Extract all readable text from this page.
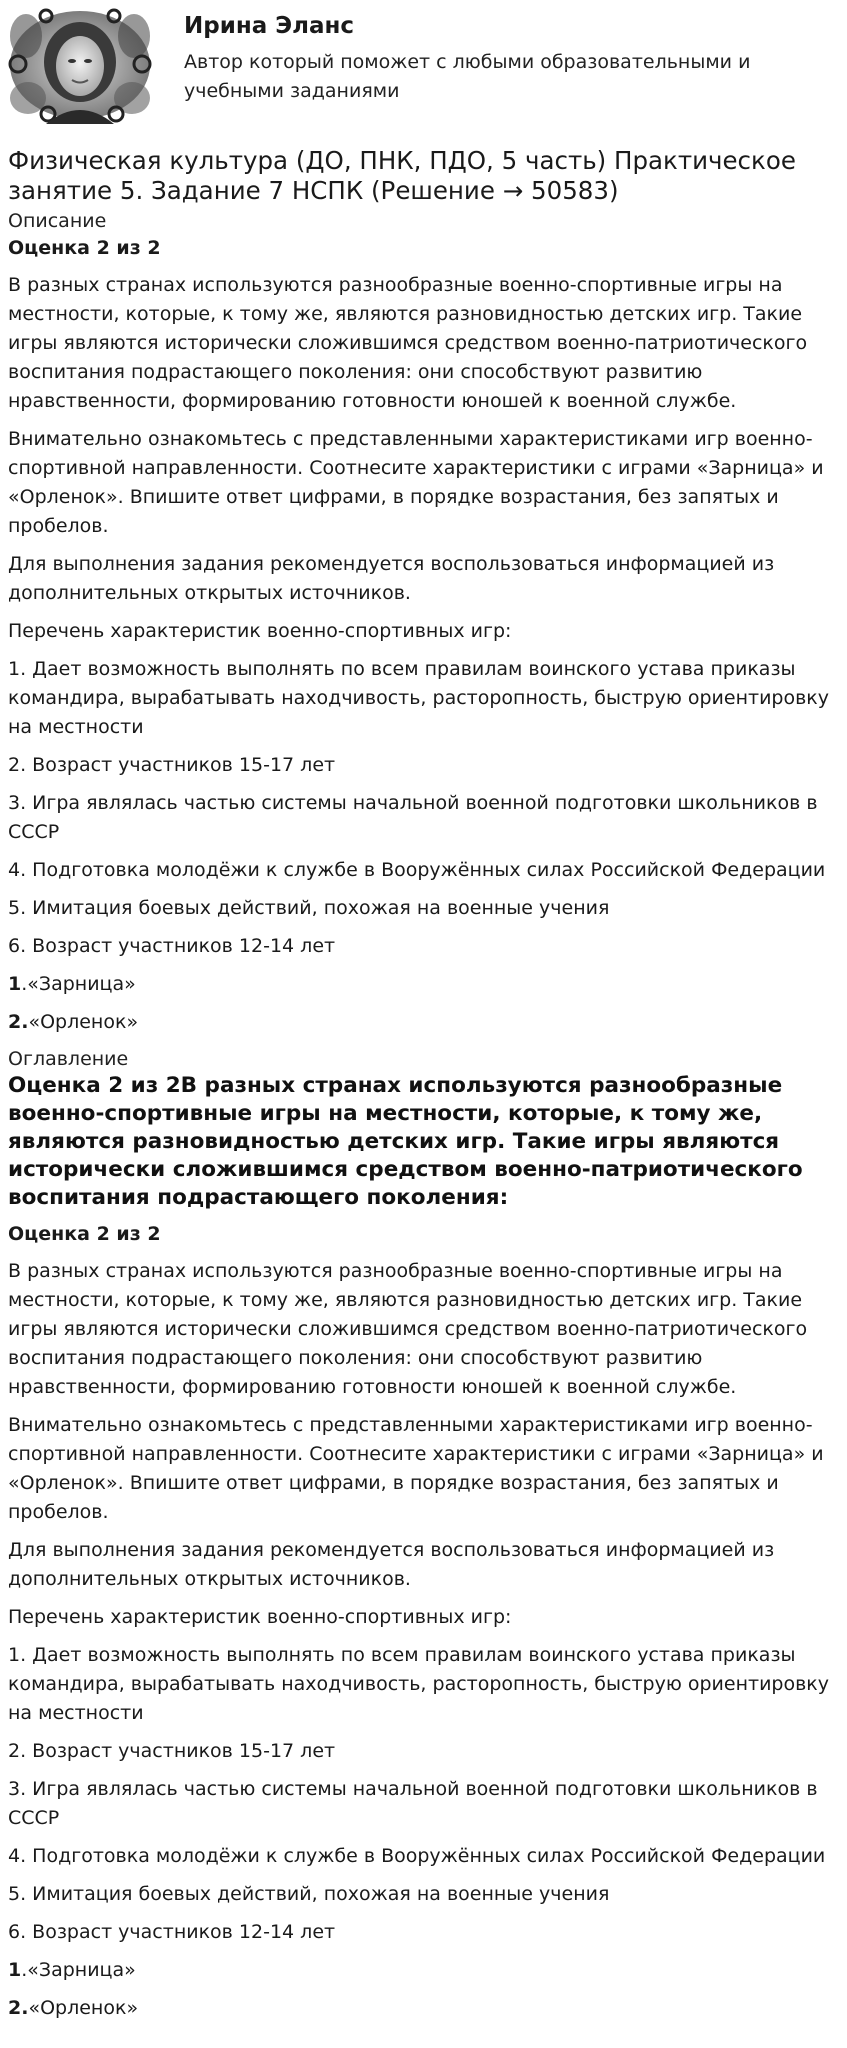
Ирина Эланс
Автор который поможет с любыми образовательными и учебными заданиями
Физическая культура (ДО, ПНК, ПДО, 5 часть) Практическое занятие 5. Задание 7 НСПК (Решение → 50583)
Описание
Оценка 2 из 2

В разных странах используются разнообразные военно-спортивные игры на местности, которые, к тому же, являются разновидностью детских игр. Такие игры являются исторически сложившимся средством военно-патриотического воспитания подрастающего поколения: они способствуют развитию нравственности, формированию готовности юношей к военной службе.

Внимательно ознакомьтесь с представленными характеристиками игр военно-спортивной направленности. Соотнесите характеристики с играми «Зарница» и «Орленок». Впишите ответ цифрами, в порядке возрастания, без запятых и пробелов.

Для выполнения задания рекомендуется воспользоваться информацией из дополнительных открытых источников.

Перечень характеристик военно-спортивных игр:

1. Дает возможность выполнять по всем правилам воинского устава приказы командира, вырабатывать находчивость, расторопность, быструю ориентировку на местности

2. Возраст участников 15-17 лет

3. Игра являлась частью системы начальной военной подготовки школьников в СССР

4. Подготовка молодёжи к службе в Вооружённых силах Российской Федерации

5. Имитация боевых действий, похожая на военные учения

6. Возраст участников 12-14 лет

1.«Зарница»

2.«Орленок»

Оглавление
Оценка 2 из 2В разных странах используются разнообразные военно-спортивные игры на местности, которые, к тому же, являются разновидностью детских игр. Такие игры являются исторически сложившимся средством военно-патриотического воспитания подрастающего поколения:
Оценка 2 из 2

В разных странах используются разнообразные военно-спортивные игры на местности, которые, к тому же, являются разновидностью детских игр. Такие игры являются исторически сложившимся средством военно-патриотического воспитания подрастающего поколения: они способствуют развитию нравственности, формированию готовности юношей к военной службе.

Внимательно ознакомьтесь с представленными характеристиками игр военно-спортивной направленности. Соотнесите характеристики с играми «Зарница» и «Орленок». Впишите ответ цифрами, в порядке возрастания, без запятых и пробелов.

Для выполнения задания рекомендуется воспользоваться информацией из дополнительных открытых источников.

Перечень характеристик военно-спортивных игр:

1. Дает возможность выполнять по всем правилам воинского устава приказы командира, вырабатывать находчивость, расторопность, быструю ориентировку на местности

2. Возраст участников 15-17 лет

3. Игра являлась частью системы начальной военной подготовки школьников в СССР

4. Подготовка молодёжи к службе в Вооружённых силах Российской Федерации

5. Имитация боевых действий, похожая на военные учения

6. Возраст участников 12-14 лет

1.«Зарница»

2.«Орленок»
